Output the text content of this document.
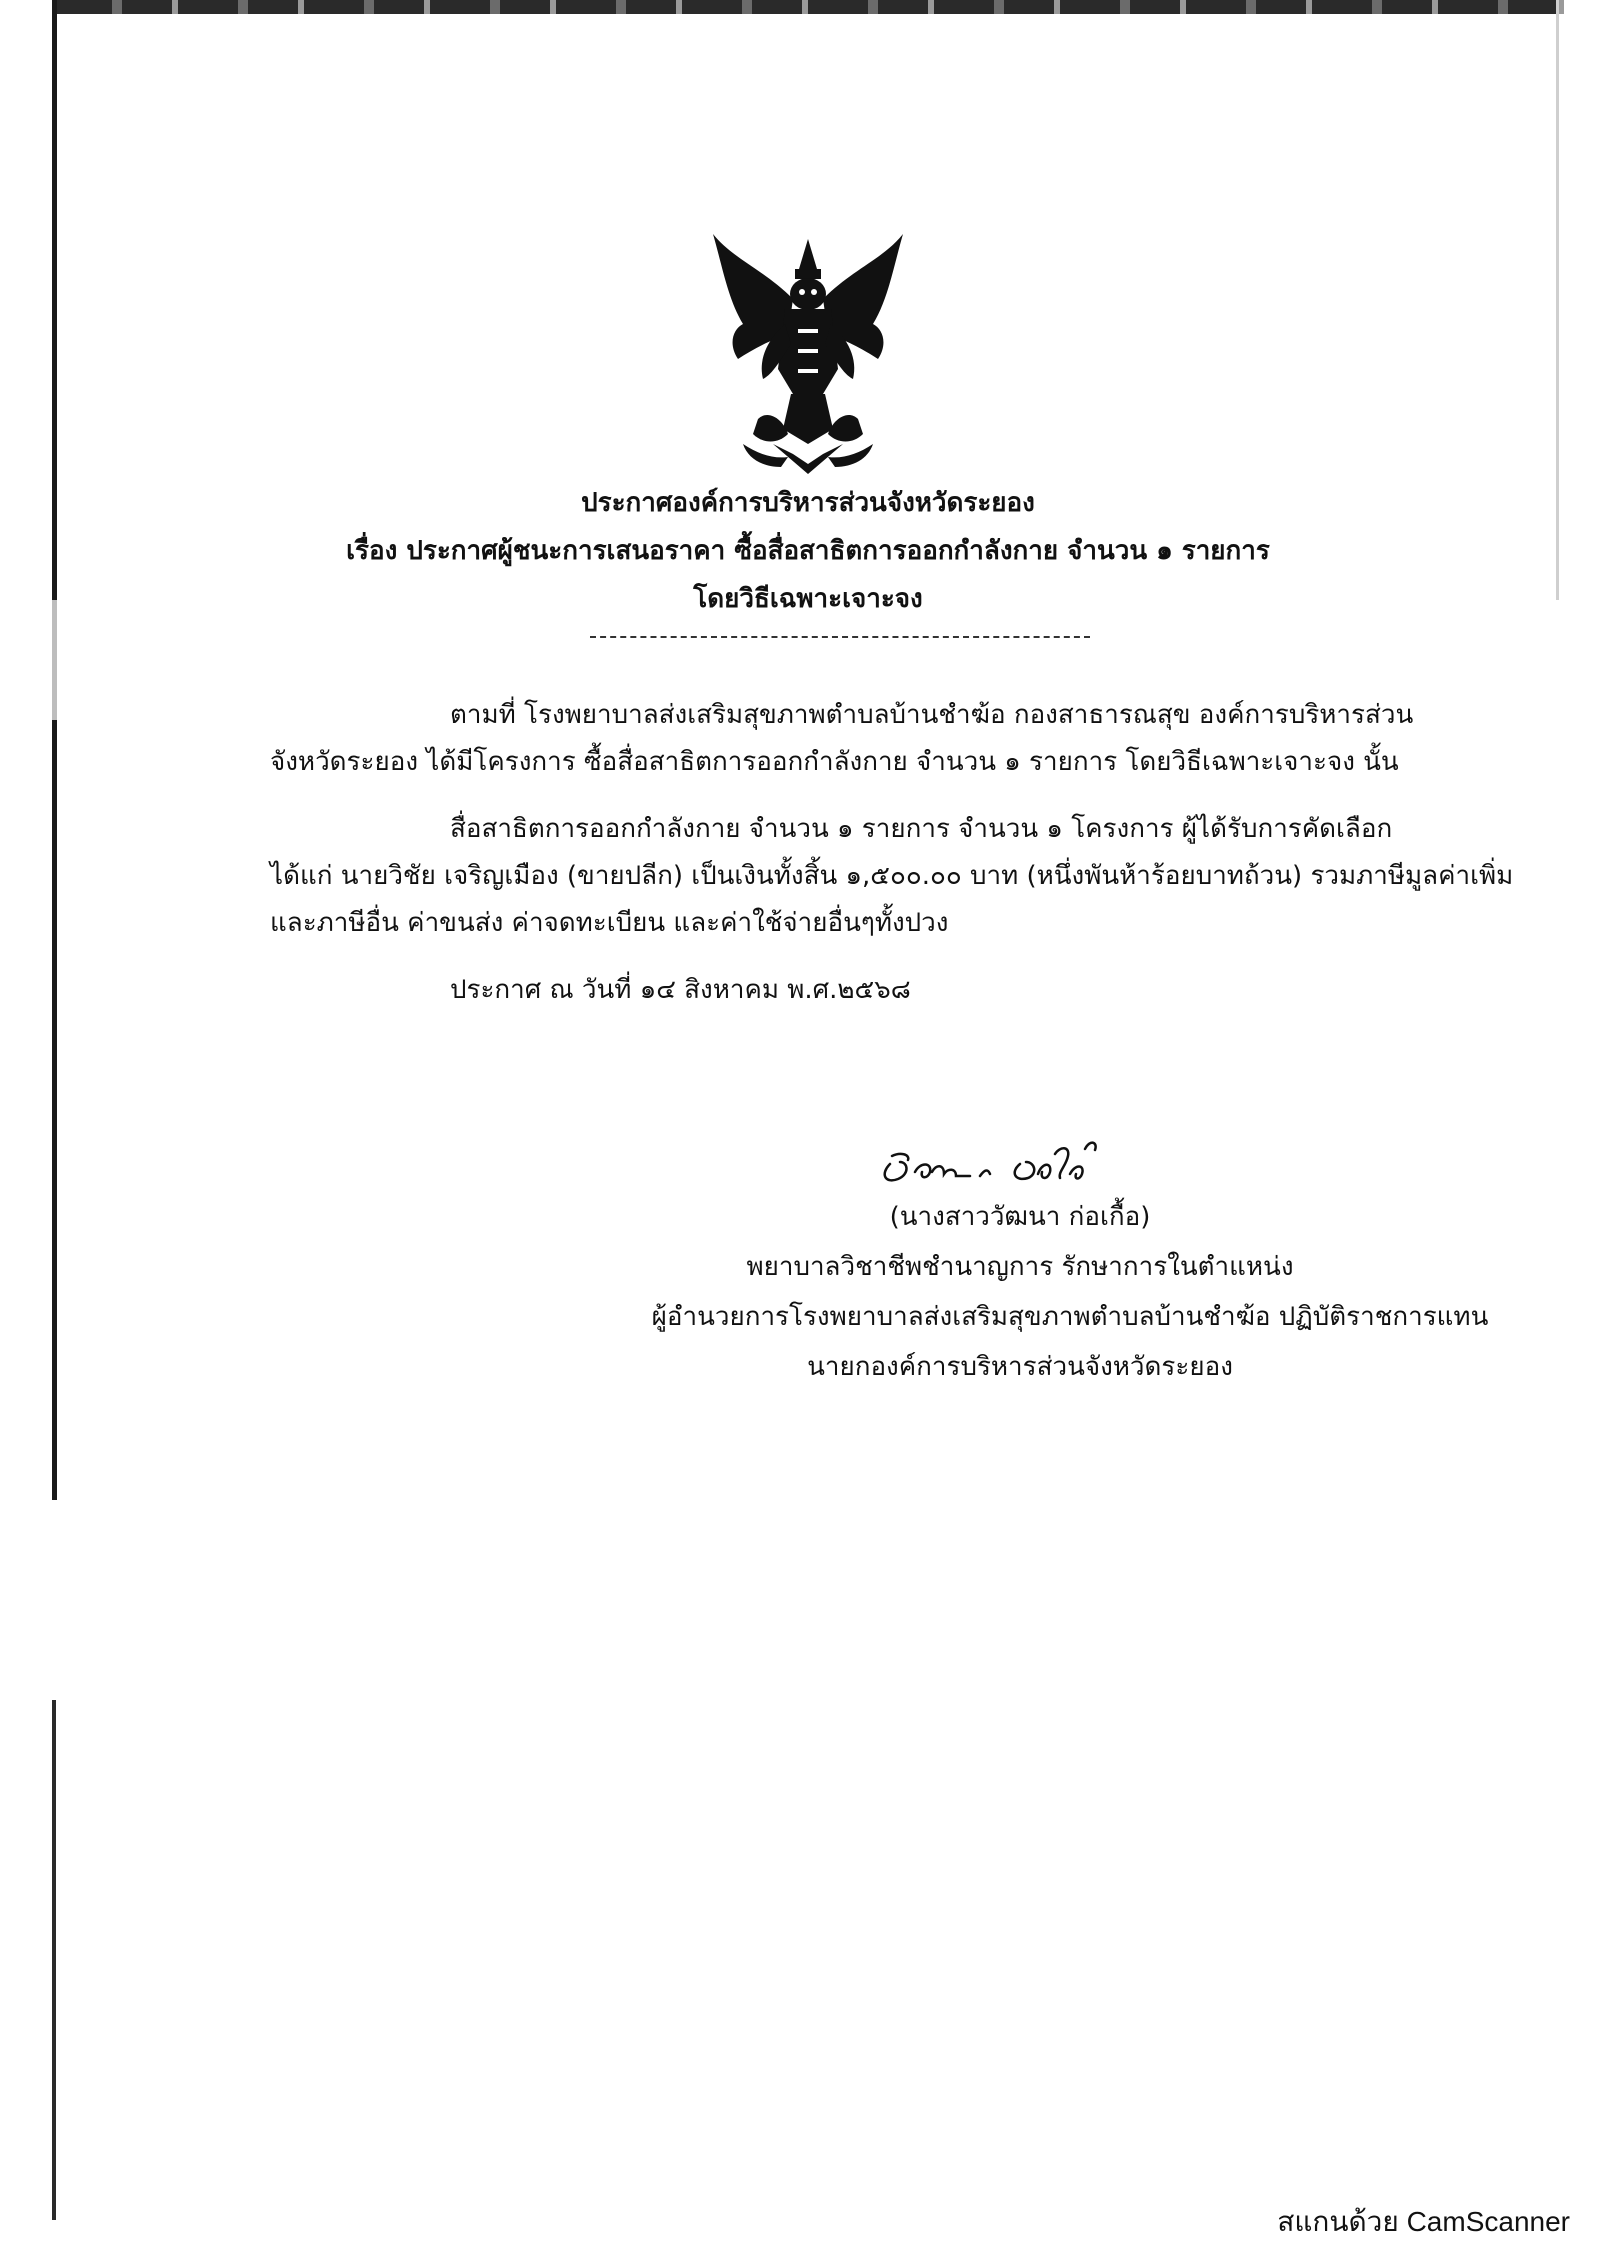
ประกาศองค์การบริหารส่วนจังหวัดระยอง
เรื่อง ประกาศผู้ชนะการเสนอราคา ซื้อสื่อสาธิตการออกกำลังกาย จำนวน ๑ รายการ
โดยวิธีเฉพาะเจาะจง
ตามที่ โรงพยาบาลส่งเสริมสุขภาพตำบลบ้านชำฆ้อ กองสาธารณสุข องค์การบริหารส่วน
จังหวัดระยอง ได้มีโครงการ ซื้อสื่อสาธิตการออกกำลังกาย จำนวน ๑ รายการ โดยวิธีเฉพาะเจาะจง นั้น
สื่อสาธิตการออกกำลังกาย จำนวน ๑ รายการ จำนวน ๑ โครงการ ผู้ได้รับการคัดเลือก
ได้แก่ นายวิชัย เจริญเมือง (ขายปลีก) เป็นเงินทั้งสิ้น ๑,๕๐๐.๐๐ บาท (หนึ่งพันห้าร้อยบาทถ้วน) รวมภาษีมูลค่าเพิ่ม
และภาษีอื่น ค่าขนส่ง ค่าจดทะเบียน และค่าใช้จ่ายอื่นๆทั้งปวง
ประกาศ ณ วันที่ ๑๔ สิงหาคม พ.ศ.๒๕๖๘
(นางสาววัฒนา ก่อเกื้อ)
พยาบาลวิชาชีพชำนาญการ รักษาการในตำแหน่ง
ผู้อำนวยการโรงพยาบาลส่งเสริมสุขภาพตำบลบ้านชำฆ้อ ปฏิบัติราชการแทน
นายกองค์การบริหารส่วนจังหวัดระยอง
สแกนด้วย CamScanner
